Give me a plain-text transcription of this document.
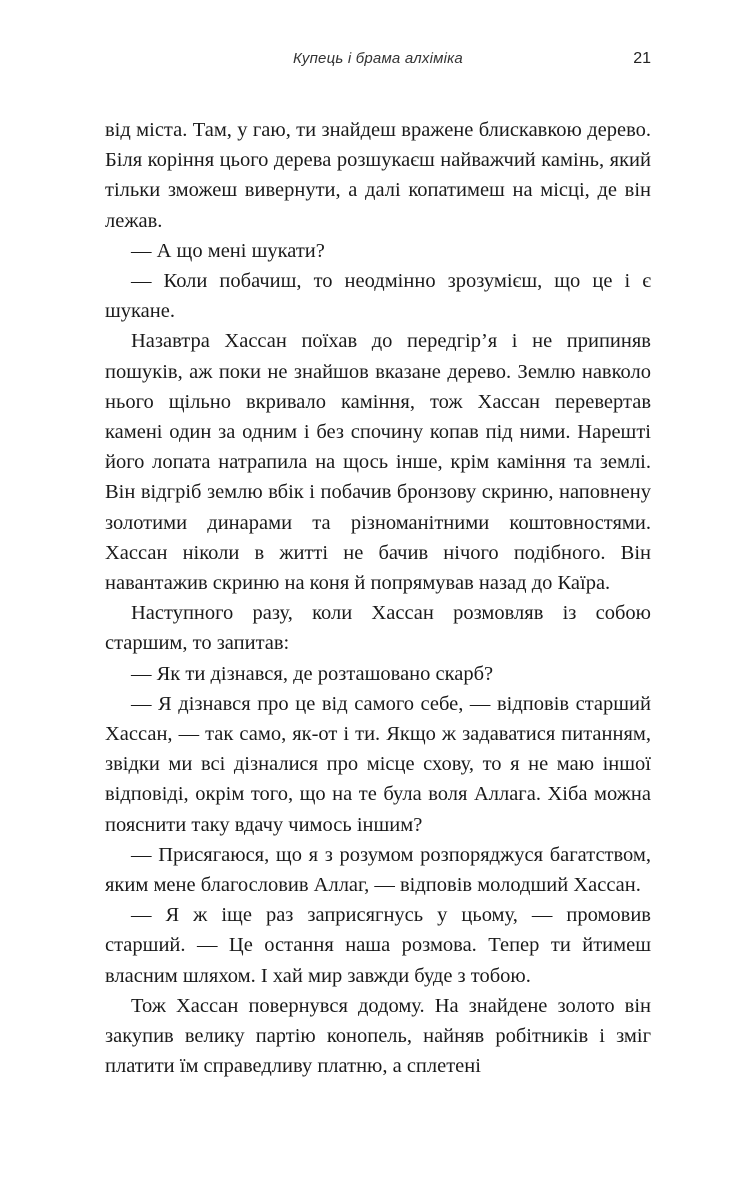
Купець і брама алхіміка	21

від міста. Там, у гаю, ти знайдеш вражене блискавкою дерево. Біля коріння цього дерева розшукаєш найважчий камінь, який тільки зможеш вивернути, а далі копатимеш на місці, де він лежав.

— А що мені шукати?

— Коли побачиш, то неодмінно зрозумієш, що це і є шукане.

Назавтра Хассан поїхав до передгір’я і не припиняв пошуків, аж поки не знайшов вказане дерево. Землю навколо нього щільно вкривало каміння, тож Хассан перевертав камені один за одним і без спочину копав під ними. Нарешті його лопата натрапила на щось інше, крім каміння та землі. Він відгріб землю вбік і побачив бронзову скриню, наповнену золотими динарами та різноманітними коштовностями. Хассан ніколи в житті не бачив нічого подібного. Він навантажив скриню на коня й попрямував назад до Каїра.

Наступного разу, коли Хассан розмовляв із собою старшим, то запитав:

— Як ти дізнався, де розташовано скарб?

— Я дізнався про це від самого себе, — відповів старший Хассан, — так само, як-от і ти. Якщо ж задаватися питанням, звідки ми всі дізналися про місце схову, то я не маю іншої відповіді, окрім того, що на те була воля Аллага. Хіба можна пояснити таку вдачу чимось іншим?

— Присягаюся, що я з розумом розпоряджуся багатством, яким мене благословив Аллаг, — відповів молодший Хассан.

— Я ж іще раз заприсягнусь у цьому, — промовив старший. — Це остання наша розмова. Тепер ти йтимеш власним шляхом. І хай мир завжди буде з тобою.

Тож Хассан повернувся додому. На знайдене золото він закупив велику партію конопель, найняв робітників і зміг платити їм справедливу платню, а сплетені
